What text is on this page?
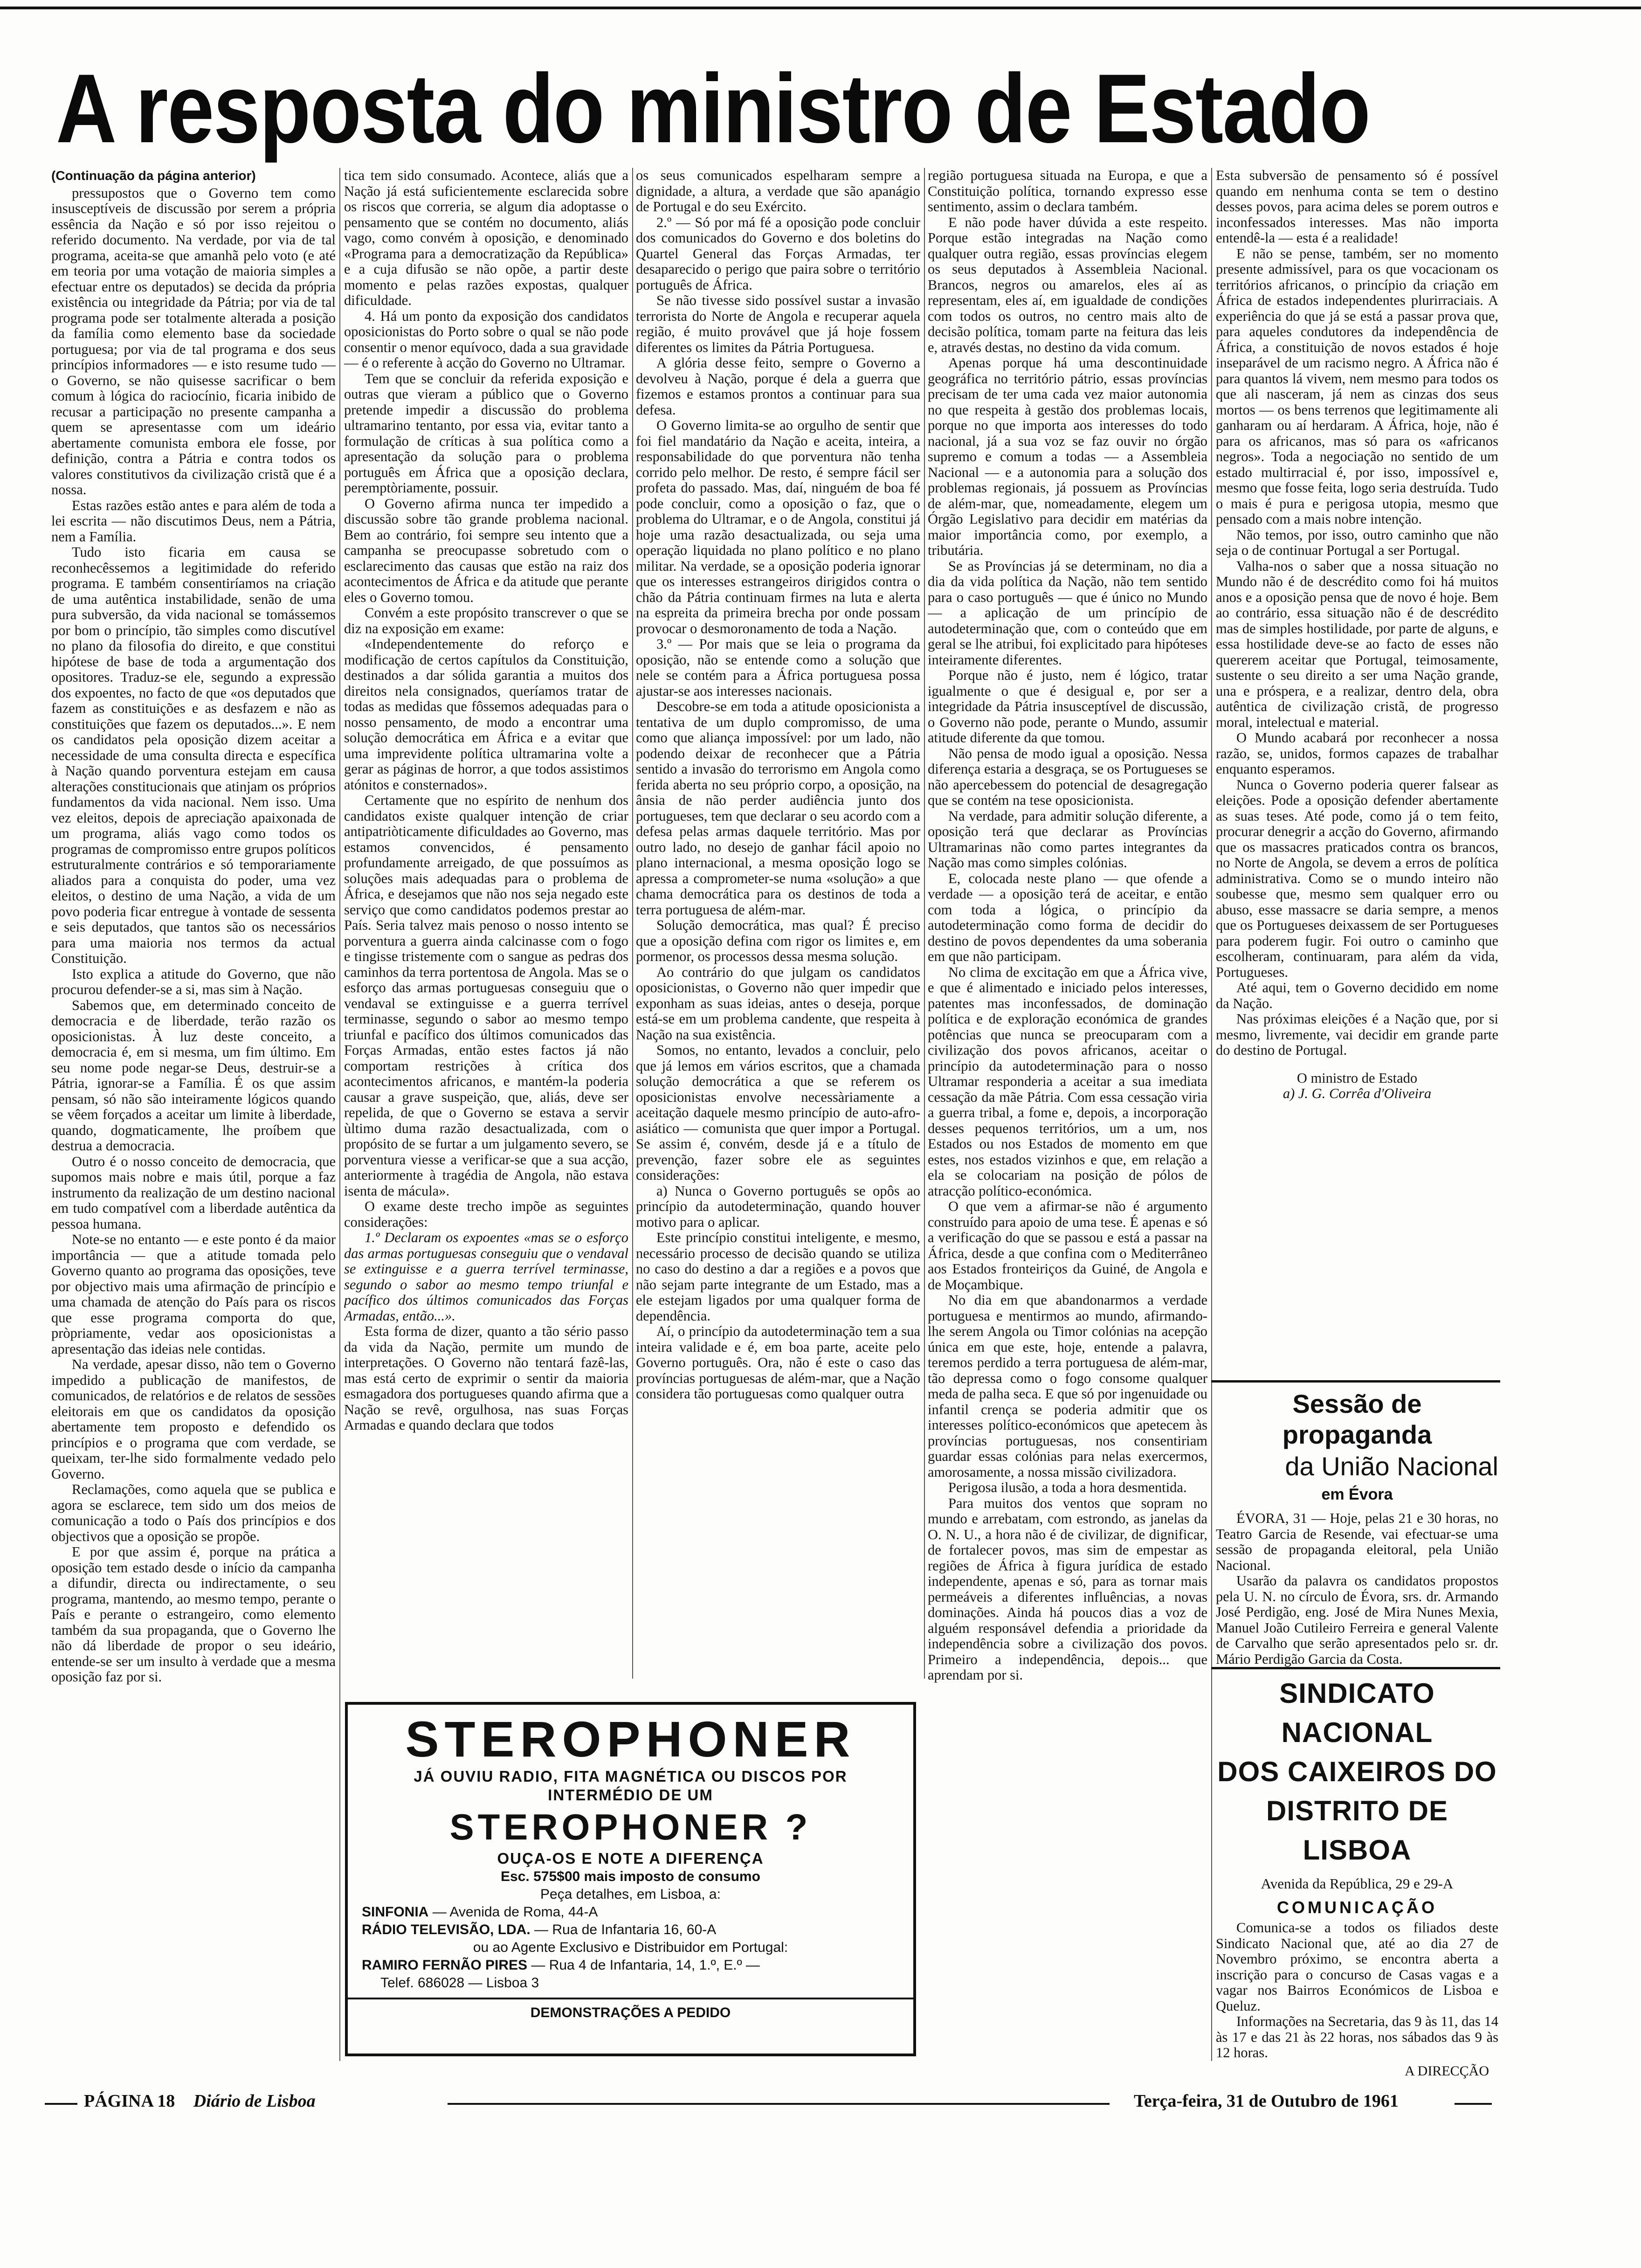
A resposta do ministro de Estado

(Continuação da página anterior)

pressupostos que o Governo tem como insusceptíveis de discussão por serem a própria essência da Nação e só por isso rejeitou o referido documento. Na verdade, por via de tal programa, aceita-se que amanhã pelo voto (e até em teoria por uma votação de maioria simples a efectuar entre os deputados) se decida da própria existência ou integridade da Pátria; por via de tal programa pode ser totalmente alterada a posição da família como elemento base da sociedade portuguesa; por via de tal programa e dos seus princípios informadores — e isto resume tudo — o Governo, se não quisesse sacrificar o bem comum à lógica do raciocínio, ficaria inibido de recusar a participação no presente campanha a quem se apresentasse com um ideário abertamente comunista embora ele fosse, por definição, contra a Pátria e contra todos os valores constitutivos da civilização cristã que é a nossa.

Estas razões estão antes e para além de toda a lei escrita — não discutimos Deus, nem a Pátria, nem a Família.

Tudo isto ficaria em causa se reconhecêssemos a legitimidade do referido programa. E também consentiríamos na criação de uma autêntica instabilidade, senão de uma pura subversão, da vida nacional se tomássemos por bom o princípio, tão simples como discutível no plano da filosofia do direito, e que constitui hipótese de base de toda a argumentação dos opositores. Traduz-se ele, segundo a expressão dos expoentes, no facto de que «os deputados que fazem as constituições e as desfazem e não as constituições que fazem os deputados...». E nem os candidatos pela oposição dizem aceitar a necessidade de uma consulta directa e específica à Nação quando porventura estejam em causa alterações constitucionais que atinjam os próprios fundamentos da vida nacional. Nem isso. Uma vez eleitos, depois de apreciação apaixonada de um programa, aliás vago como todos os programas de compromisso entre grupos políticos estruturalmente contrários e só temporariamente aliados para a conquista do poder, uma vez eleitos, o destino de uma Nação, a vida de um povo poderia ficar entregue à vontade de sessenta e seis deputados, que tantos são os necessários para uma maioria nos termos da actual Constituição.

Isto explica a atitude do Governo, que não procurou defender-se a si, mas sim à Nação.

Sabemos que, em determinado conceito de democracia e de liberdade, terão razão os oposicionistas. À luz deste conceito, a democracia é, em si mesma, um fim último. Em seu nome pode negar-se Deus, destruir-se a Pátria, ignorar-se a Família. É os que assim pensam, só não são inteiramente lógicos quando se vêem forçados a aceitar um limite à liberdade, quando, dogmaticamente, lhe proíbem que destrua a democracia.

Outro é o nosso conceito de democracia, que supomos mais nobre e mais útil, porque a faz instrumento da realização de um destino nacional em tudo compatível com a liberdade autêntica da pessoa humana.

Note-se no entanto — e este ponto é da maior importância — que a atitude tomada pelo Governo quanto ao programa das oposições, teve por objectivo mais uma afirmação de princípio e uma chamada de atenção do País para os riscos que esse programa comporta do que, pròpriamente, vedar aos oposicionistas a apresentação das ideias nele contidas.

Na verdade, apesar disso, não tem o Governo impedido a publicação de manifestos, de comunicados, de relatórios e de relatos de sessões eleitorais em que os candidatos da oposição abertamente tem proposto e defendido os princípios e o programa que com verdade, se queixam, ter-lhe sido formalmente vedado pelo Governo.

Reclamações, como aquela que se publica e agora se esclarece, tem sido um dos meios de comunicação a todo o País dos princípios e dos objectivos que a oposição se propõe.

E por que assim é, porque na prática a oposição tem estado desde o início da campanha a difundir, directa ou indirectamente, o seu programa, mantendo, ao mesmo tempo, perante o País e perante o estrangeiro, como elemento também da sua propaganda, que o Governo lhe não dá liberdade de propor o seu ideário, entende-se ser um insulto à verdade que a mesma oposição faz por si.

tica tem sido consumado. Acontece, aliás que a Nação já está suficientemente esclarecida sobre os riscos que correria, se algum dia adoptasse o pensamento que se contém no documento, aliás vago, como convém à oposição, e denominado «Programa para a democratização da República» e a cuja difusão se não opõe, a partir deste momento e pelas razões expostas, qualquer dificuldade.

4. Há um ponto da exposição dos candidatos oposicionistas do Porto sobre o qual se não pode consentir o menor equívoco, dada a sua gravidade — é o referente à acção do Governo no Ultramar.

Tem que se concluir da referida exposição e outras que vieram a público que o Governo pretende impedir a discussão do problema ultramarino tentanto, por essa via, evitar tanto a formulação de críticas à sua política como a apresentação da solução para o problema português em África que a oposição declara, peremptòriamente, possuir.

O Governo afirma nunca ter impedido a discussão sobre tão grande problema nacional. Bem ao contrário, foi sempre seu intento que a campanha se preocupasse sobretudo com o esclarecimento das causas que estão na raiz dos acontecimentos de África e da atitude que perante eles o Governo tomou.

Convém a este propósito transcrever o que se diz na exposição em exame:

«Independentemente do reforço e modificação de certos capítulos da Constituição, destinados a dar sólida garantia a muitos dos direitos nela consignados, queríamos tratar de todas as medidas que fôssemos adequadas para o nosso pensamento, de modo a encontrar uma solução democrática em África e a evitar que uma imprevidente política ultramarina volte a gerar as páginas de horror, a que todos assistimos atónitos e consternados».

Certamente que no espírito de nenhum dos candidatos existe qualquer intenção de criar antipatriòticamente dificuldades ao Governo, mas estamos convencidos, é pensamento profundamente arreigado, de que possuímos as soluções mais adequadas para o problema de África, e desejamos que não nos seja negado este serviço que como candidatos podemos prestar ao País. Seria talvez mais penoso o nosso intento se porventura a guerra ainda calcinasse com o fogo e tingisse tristemente com o sangue as pedras dos caminhos da terra portentosa de Angola. Mas se o esforço das armas portuguesas conseguiu que o vendaval se extinguisse e a guerra terrível terminasse, segundo o sabor ao mesmo tempo triunfal e pacífico dos últimos comunicados das Forças Armadas, então estes factos já não comportam restrições à crítica dos acontecimentos africanos, e mantém-la poderia causar a grave suspeição, que, aliás, deve ser repelida, de que o Governo se estava a servir ùltimo duma razão desactualizada, com o propósito de se furtar a um julgamento severo, se porventura viesse a verificar-se que a sua acção, anteriormente à tragédia de Angola, não estava isenta de mácula».

O exame deste trecho impõe as seguintes considerações:

1.º Declaram os expoentes «mas se o esforço das armas portuguesas conseguiu que o vendaval se extinguisse e a guerra terrível terminasse, segundo o sabor ao mesmo tempo triunfal e pacífico dos últimos comunicados das Forças Armadas, então...».

Esta forma de dizer, quanto a tão sério passo da vida da Nação, permite um mundo de interpretações. O Governo não tentará fazê-las, mas está certo de exprimir o sentir da maioria esmagadora dos portugueses quando afirma que a Nação se revê, orgulhosa, nas suas Forças Armadas e quando declara que todos

os seus comunicados espelharam sempre a dignidade, a altura, a verdade que são apanágio de Portugal e do seu Exército.

2.º — Só por má fé a oposição pode concluir dos comunicados do Governo e dos boletins do Quartel General das Forças Armadas, ter desaparecido o perigo que paira sobre o território português de África.

Se não tivesse sido possível sustar a invasão terrorista do Norte de Angola e recuperar aquela região, é muito provável que já hoje fossem diferentes os limites da Pátria Portuguesa.

A glória desse feito, sempre o Governo a devolveu à Nação, porque é dela a guerra que fizemos e estamos prontos a continuar para sua defesa.

O Governo limita-se ao orgulho de sentir que foi fiel mandatário da Nação e aceita, inteira, a responsabilidade do que porventura não tenha corrido pelo melhor. De resto, é sempre fácil ser profeta do passado. Mas, daí, ninguém de boa fé pode concluir, como a oposição o faz, que o problema do Ultramar, e o de Angola, constitui já hoje uma razão desactualizada, ou seja uma operação liquidada no plano político e no plano militar. Na verdade, se a oposição poderia ignorar que os interesses estrangeiros dirigidos contra o chão da Pátria continuam firmes na luta e alerta na espreita da primeira brecha por onde possam provocar o desmoronamento de toda a Nação.

3.º — Por mais que se leia o programa da oposição, não se entende como a solução que nele se contém para a África portuguesa possa ajustar-se aos interesses nacionais.

Descobre-se em toda a atitude oposicionista a tentativa de um duplo compromisso, de uma como que aliança impossível: por um lado, não podendo deixar de reconhecer que a Pátria sentido a invasão do terrorismo em Angola como ferida aberta no seu próprio corpo, a oposição, na ânsia de não perder audiência junto dos portugueses, tem que declarar o seu acordo com a defesa pelas armas daquele território. Mas por outro lado, no desejo de ganhar fácil apoio no plano internacional, a mesma oposição logo se apressa a comprometer-se numa «solução» a que chama democrática para os destinos de toda a terra portuguesa de além-mar.

Solução democrática, mas qual? É preciso que a oposição defina com rigor os limites e, em pormenor, os processos dessa mesma solução.

Ao contrário do que julgam os candidatos oposicionistas, o Governo não quer impedir que exponham as suas ideias, antes o deseja, porque está-se em um problema candente, que respeita à Nação na sua existência.

Somos, no entanto, levados a concluir, pelo que já lemos em vários escritos, que a chamada solução democrática a que se referem os oposicionistas envolve necessàriamente a aceitação daquele mesmo princípio de auto-afro-asiático — comunista que quer impor a Portugal. Se assim é, convém, desde já e a título de prevenção, fazer sobre ele as seguintes considerações:

a) Nunca o Governo português se opôs ao princípio da autodeterminação, quando houver motivo para o aplicar.

Este princípio constitui inteligente, e mesmo, necessário processo de decisão quando se utiliza no caso do destino a dar a regiões e a povos que não sejam parte integrante de um Estado, mas a ele estejam ligados por uma qualquer forma de dependência.

Aí, o princípio da autodeterminação tem a sua inteira validade e é, em boa parte, aceite pelo Governo português. Ora, não é este o caso das províncias portuguesas de além-mar, que a Nação considera tão portuguesas como qualquer outra

região portuguesa situada na Europa, e que a Constituição política, tornando expresso esse sentimento, assim o declara também.

E não pode haver dúvida a este respeito. Porque estão integradas na Nação como qualquer outra região, essas províncias elegem os seus deputados à Assembleia Nacional. Brancos, negros ou amarelos, eles aí as representam, eles aí, em igualdade de condições com todos os outros, no centro mais alto de decisão política, tomam parte na feitura das leis e, através destas, no destino da vida comum.

Apenas porque há uma descontinuidade geográfica no território pátrio, essas províncias precisam de ter uma cada vez maior autonomia no que respeita à gestão dos problemas locais, porque no que importa aos interesses do todo nacional, já a sua voz se faz ouvir no órgão supremo e comum a todas — a Assembleia Nacional — e a autonomia para a solução dos problemas regionais, já possuem as Províncias de além-mar, que, nomeadamente, elegem um Órgão Legislativo para decidir em matérias da maior importância como, por exemplo, a tributária.

Se as Províncias já se determinam, no dia a dia da vida política da Nação, não tem sentido para o caso português — que é único no Mundo — a aplicação de um princípio de autodeterminação que, com o conteúdo que em geral se lhe atribui, foi explicitado para hipóteses inteiramente diferentes.

Porque não é justo, nem é lógico, tratar igualmente o que é desigual e, por ser a integridade da Pátria insusceptível de discussão, o Governo não pode, perante o Mundo, assumir atitude diferente da que tomou.

Não pensa de modo igual a oposição. Nessa diferença estaria a desgraça, se os Portugueses se não apercebessem do potencial de desagregação que se contém na tese oposicionista.

Na verdade, para admitir solução diferente, a oposição terá que declarar as Províncias Ultramarinas não como partes integrantes da Nação mas como simples colónias.

E, colocada neste plano — que ofende a verdade — a oposição terá de aceitar, e então com toda a lógica, o princípio da autodeterminação como forma de decidir do destino de povos dependentes da uma soberania em que não participam.

No clima de excitação em que a África vive, e que é alimentado e iniciado pelos interesses, patentes mas inconfessados, de dominação política e de exploração económica de grandes potências que nunca se preocuparam com a civilização dos povos africanos, aceitar o princípio da autodeterminação para o nosso Ultramar responderia a aceitar a sua imediata cessação da mãe Pátria. Com essa cessação viria a guerra tribal, a fome e, depois, a incorporação desses pequenos territórios, um a um, nos Estados ou nos Estados de momento em que estes, nos estados vizinhos e que, em relação a ela se colocariam na posição de pólos de atracção político-económica.

O que vem a afirmar-se não é argumento construído para apoio de uma tese. É apenas e só a verificação do que se passou e está a passar na África, desde a que confina com o Mediterrâneo aos Estados fronteiriços da Guiné, de Angola e de Moçambique.

No dia em que abandonarmos a verdade portuguesa e mentirmos ao mundo, afirmando-lhe serem Angola ou Timor colónias na acepção única em que este, hoje, entende a palavra, teremos perdido a terra portuguesa de além-mar, tão depressa como o fogo consome qualquer meda de palha seca. E que só por ingenuidade ou infantil crença se poderia admitir que os interesses político-económicos que apetecem às províncias portuguesas, nos consentiriam guardar essas colónias para nelas exercermos, amorosamente, a nossa missão civilizadora.

Perigosa ilusão, a toda a hora desmentida.

Para muitos dos ventos que sopram no mundo e arrebatam, com estrondo, as janelas da O. N. U., a hora não é de civilizar, de dignificar, de fortalecer povos, mas sim de empestar as regiões de África à figura jurídica de estado independente, apenas e só, para as tornar mais permeáveis a diferentes influências, a novas dominações. Ainda há poucos dias a voz de alguém responsável defendia a prioridade da independência sobre a civilização dos povos. Primeiro a independência, depois... que aprendam por si.

Esta subversão de pensamento só é possível quando em nenhuma conta se tem o destino desses povos, para acima deles se porem outros e inconfessados interesses. Mas não importa entendê-la — esta é a realidade!

E não se pense, também, ser no momento presente admissível, para os que vocacionam os territórios africanos, o princípio da criação em África de estados independentes plurirraciais. A experiência do que já se está a passar prova que, para aqueles condutores da independência de África, a constituição de novos estados é hoje inseparável de um racismo negro. A África não é para quantos lá vivem, nem mesmo para todos os que ali nasceram, já nem as cinzas dos seus mortos — os bens terrenos que legitimamente ali ganharam ou aí herdaram. A África, hoje, não é para os africanos, mas só para os «africanos negros». Toda a negociação no sentido de um estado multirracial é, por isso, impossível e, mesmo que fosse feita, logo seria destruída. Tudo o mais é pura e perigosa utopia, mesmo que pensado com a mais nobre intenção.

Não temos, por isso, outro caminho que não seja o de continuar Portugal a ser Portugal.

Valha-nos o saber que a nossa situação no Mundo não é de descrédito como foi há muitos anos e a oposição pensa que de novo é hoje. Bem ao contrário, essa situação não é de descrédito mas de simples hostilidade, por parte de alguns, e essa hostilidade deve-se ao facto de esses não quererem aceitar que Portugal, teimosamente, sustente o seu direito a ser uma Nação grande, una e próspera, e a realizar, dentro dela, obra autêntica de civilização cristã, de progresso moral, intelectual e material.

O Mundo acabará por reconhecer a nossa razão, se, unidos, formos capazes de trabalhar enquanto esperamos.

Nunca o Governo poderia querer falsear as eleições. Pode a oposição defender abertamente as suas teses. Até pode, como já o tem feito, procurar denegrir a acção do Governo, afirmando que os massacres praticados contra os brancos, no Norte de Angola, se devem a erros de política administrativa. Como se o mundo inteiro não soubesse que, mesmo sem qualquer erro ou abuso, esse massacre se daria sempre, a menos que os Portugueses deixassem de ser Portugueses para poderem fugir. Foi outro o caminho que escolheram, continuaram, para além da vida, Portugueses.

Até aqui, tem o Governo decidido em nome da Nação.

Nas próximas eleições é a Nação que, por si mesmo, livremente, vai decidir em grande parte do destino de Portugal.

O ministro de Estado
a) J. G. Corrêa d'Oliveira
Sessão de propaganda
da União Nacional
em Évora

ÉVORA, 31 — Hoje, pelas 21 e 30 horas, no Teatro Garcia de Resende, vai efectuar-se uma sessão de propaganda eleitoral, pela União Nacional.

Usarão da palavra os candidatos propostos pela U. N. no círculo de Évora, srs. dr. Armando José Perdigão, eng. José de Mira Nunes Mexia, Manuel João Cutileiro Ferreira e general Valente de Carvalho que serão apresentados pelo sr. dr. Mário Perdigão Garcia da Costa.

SINDICATO NACIONAL
DOS CAIXEIROS DO
DISTRITO DE LISBOA
Avenida da República, 29 e 29-A
COMUNICAÇÃO

Comunica-se a todos os filiados deste Sindicato Nacional que, até ao dia 27 de Novembro próximo, se encontra aberta a inscrição para o concurso de Casas vagas e a vagar nos Bairros Económicos de Lisboa e Queluz.

Informações na Secretaria, das 9 às 11, das 14 às 17 e das 21 às 22 horas, nos sábados das 9 às 12 horas.

A DIRECÇÃO
STEROPHONER
JÁ OUVIU RADIO, FITA MAGNÉTICA OU DISCOS POR INTERMÉDIO DE UM
STEROPHONER ?
OUÇA-OS E NOTE A DIFERENÇA
Esc. 575$00 mais imposto de consumo
Peça detalhes, em Lisboa, a:
SINFONIA — Avenida de Roma, 44-A
RÁDIO TELEVISÃO, LDA. — Rua de Infantaria 16, 60-A
ou ao Agente Exclusivo e Distribuidor em Portugal:
RAMIRO FERNÃO PIRES — Rua 4 de Infantaria, 14, 1.º, E.º —
Telef. 686028 — Lisboa 3
DEMONSTRAÇÕES A PEDIDO
PÁGINA 18 Diário de Lisboa	Terça-feira, 31 de Outubro de 1961
